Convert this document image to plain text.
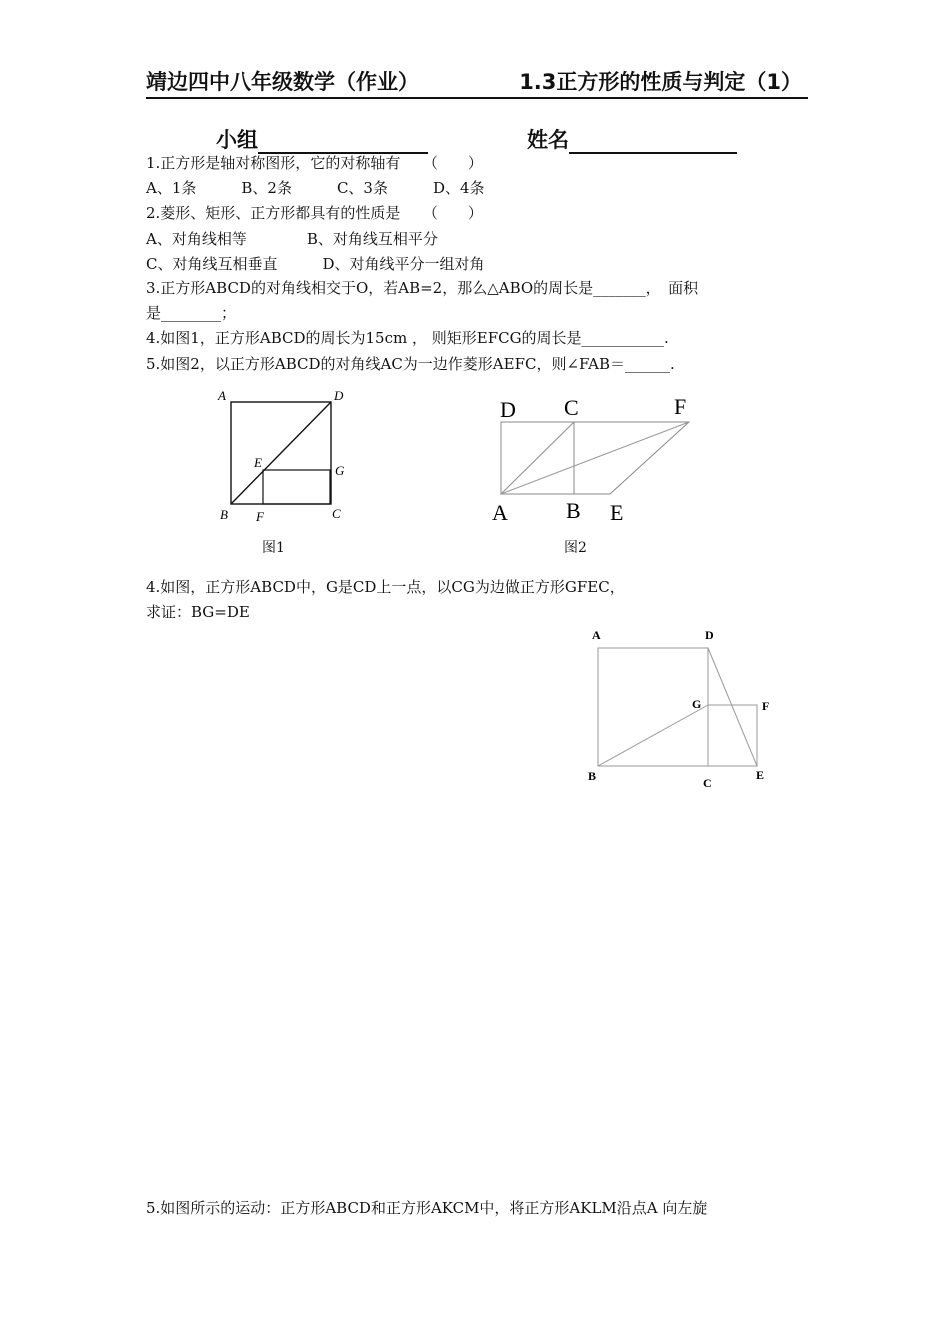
靖边四中八年级数学（作业）	1.3正方形的性质与判定（1）
小组	姓名
1.正方形是轴对称图形，它的对称轴有　　（　　）
A、1条　　　B、2条　　　C、3条　　　D、4条
2.菱形、矩形、正方形都具有的性质是　　（　　）
A、对角线相等　　　　B、对角线互相平分
C、对角线互相垂直　　　D、对角线平分一组对角
3.正方形ABCD的对角线相交于O，若AB=2，那么△ABO的周长是_______，　面积
是________；
4.如图1，正方形ABCD的周长为15cm ， 则矩形EFCG的周长是___________.
5.如图2，以正方形ABCD的对角线AC为一边作菱形AEFC，则∠FAB＝______.
A	D
E
G
B F	C
图1
D C	F
A	B E
图2
4.如图，正方形ABCD中，G是CD上一点，以CG为边做正方形GFEC，
求证：BG=DE
A	D
G	F
B	C
E
5.如图所示的运动：正方形ABCD和正方形AKCM中，将正方形AKLM沿点A 向左旋
